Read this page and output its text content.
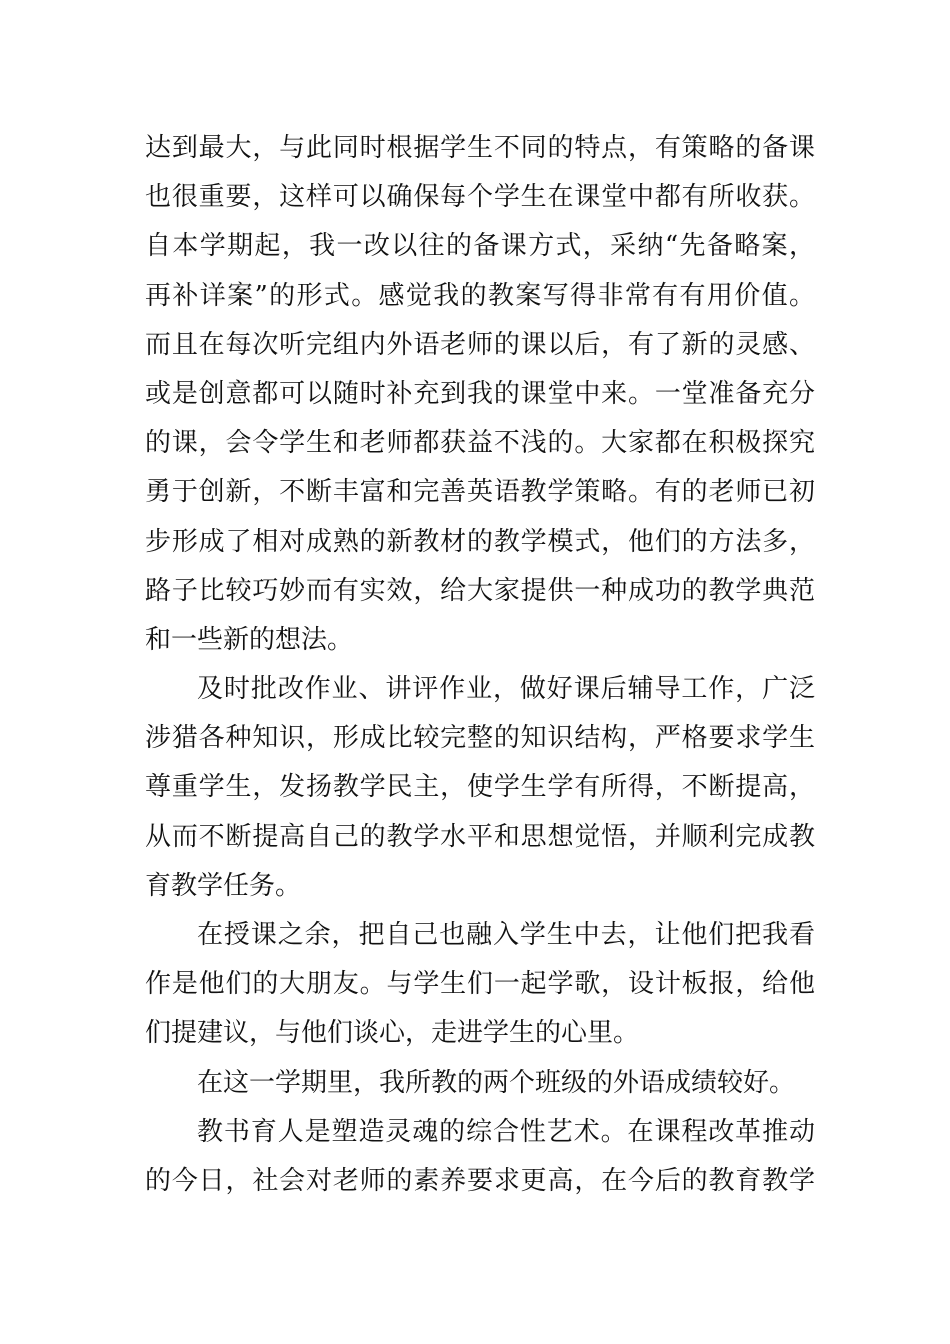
达到最大，与此同时根据学生不同的特点，有策略的备课
也很重要，这样可以确保每个学生在课堂中都有所收获。
自本学期起，我一改以往的备课方式，采纳“先备略案，
再补详案”的形式。感觉我的教案写得非常有有用价值。
而且在每次听完组内外语老师的课以后，有了新的灵感、
或是创意都可以随时补充到我的课堂中来。一堂准备充分
的课，会令学生和老师都获益不浅的。大家都在积极探究
勇于创新，不断丰富和完善英语教学策略。有的老师已初
步形成了相对成熟的新教材的教学模式，他们的方法多，
路子比较巧妙而有实效，给大家提供一种成功的教学典范
和一些新的想法。
及时批改作业、讲评作业，做好课后辅导工作，广泛
涉猎各种知识，形成比较完整的知识结构，严格要求学生
尊重学生，发扬教学民主，使学生学有所得，不断提高，
从而不断提高自己的教学水平和思想觉悟，并顺利完成教
育教学任务。
在授课之余，把自己也融入学生中去，让他们把我看
作是他们的大朋友。与学生们一起学歌，设计板报，给他
们提建议，与他们谈心，走进学生的心里。
在这一学期里，我所教的两个班级的外语成绩较好。
教书育人是塑造灵魂的综合性艺术。在课程改革推动
的今日，社会对老师的素养要求更高，在今后的教育教学
